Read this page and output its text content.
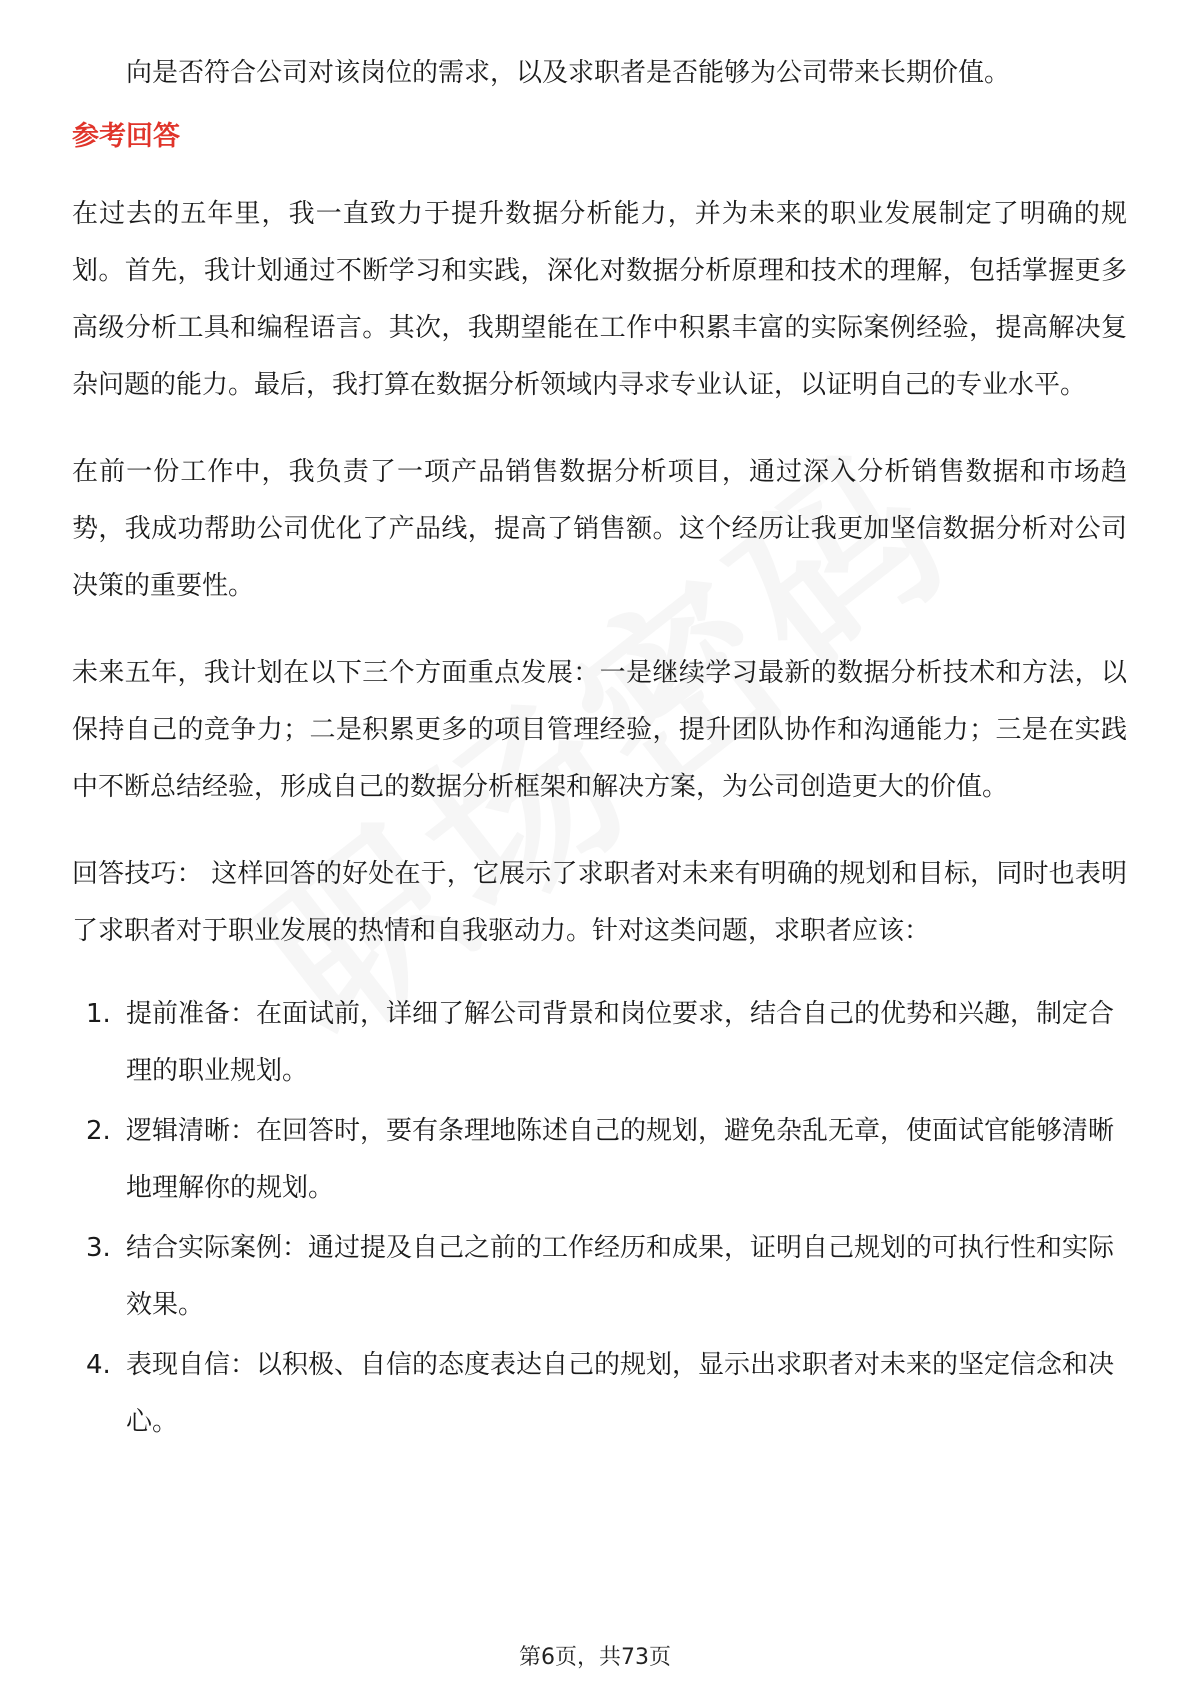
向是否符合公司对该岗位的需求，以及求职者是否能够为公司带来长期价值。

参考回答

在过去的五年里，我一直致力于提升数据分析能力，并为未来的职业发展制定了明确的规划。首先，我计划通过不断学习和实践，深化对数据分析原理和技术的理解，包括掌握更多高级分析工具和编程语言。其次，我期望能在工作中积累丰富的实际案例经验，提高解决复杂问题的能力。最后，我打算在数据分析领域内寻求专业认证，以证明自己的专业水平。

在前一份工作中，我负责了一项产品销售数据分析项目，通过深入分析销售数据和市场趋势，我成功帮助公司优化了产品线，提高了销售额。这个经历让我更加坚信数据分析对公司决策的重要性。

未来五年，我计划在以下三个方面重点发展：一是继续学习最新的数据分析技术和方法，以保持自己的竞争力；二是积累更多的项目管理经验，提升团队协作和沟通能力；三是在实践中不断总结经验，形成自己的数据分析框架和解决方案，为公司创造更大的价值。

回答技巧： 这样回答的好处在于，它展示了求职者对未来有明确的规划和目标，同时也表明了求职者对于职业发展的热情和自我驱动力。针对这类问题，求职者应该：

1. 提前准备：在面试前，详细了解公司背景和岗位要求，结合自己的优势和兴趣，制定合理的职业规划。
2. 逻辑清晰：在回答时，要有条理地陈述自己的规划，避免杂乱无章，使面试官能够清晰地理解你的规划。
3. 结合实际案例：通过提及自己之前的工作经历和成果，证明自己规划的可执行性和实际效果。
4. 表现自信：以积极、自信的态度表达自己的规划，显示出求职者对未来的坚定信念和决心。
第6页，共73页
